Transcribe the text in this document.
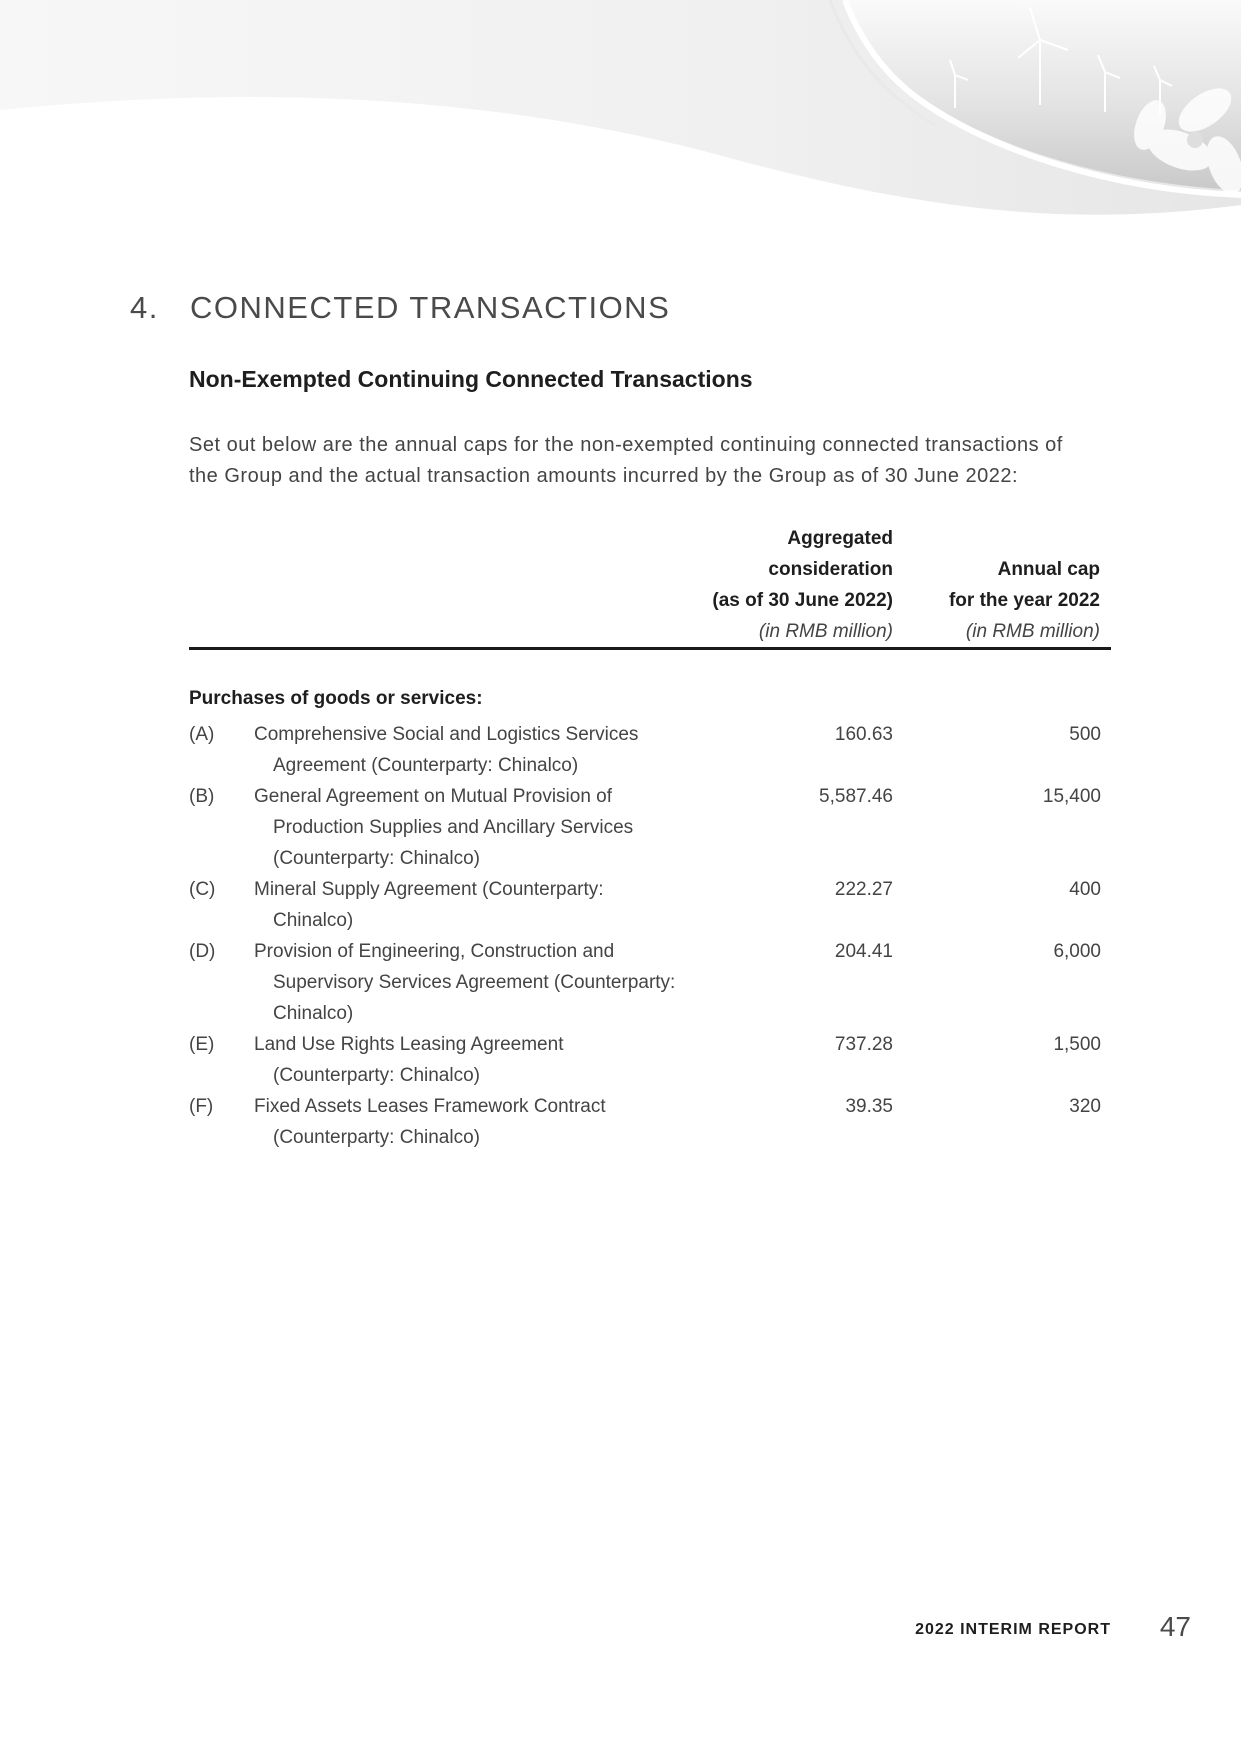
4. CONNECTED TRANSACTIONS
Non-Exempted Continuing Connected Transactions
Set out below are the annual caps for the non-exempted continuing connected transactions of
the Group and the actual transaction amounts incurred by the Group as of 30 June 2022:
Aggregated
consideration
(as of 30 June 2022)
(in RMB million)
Annual cap
for the year 2022
(in RMB million)
Purchases of goods or services:
(A) Comprehensive Social and Logistics Services
Agreement (Counterparty: Chinalco)
160.63	500
(B) General Agreement on Mutual Provision of
Production Supplies and Ancillary Services
(Counterparty: Chinalco)
5,587.46	15,400
(C) Mineral Supply Agreement (Counterparty:
Chinalco)
222.27	400
(D) Provision of Engineering, Construction and
Supervisory Services Agreement (Counterparty:
Chinalco)
204.41	6,000
(E) Land Use Rights Leasing Agreement
(Counterparty: Chinalco)
737.28	1,500
(F) Fixed Assets Leases Framework Contract
(Counterparty: Chinalco)
39.35	320
2022 INTERIM REPORT 47
